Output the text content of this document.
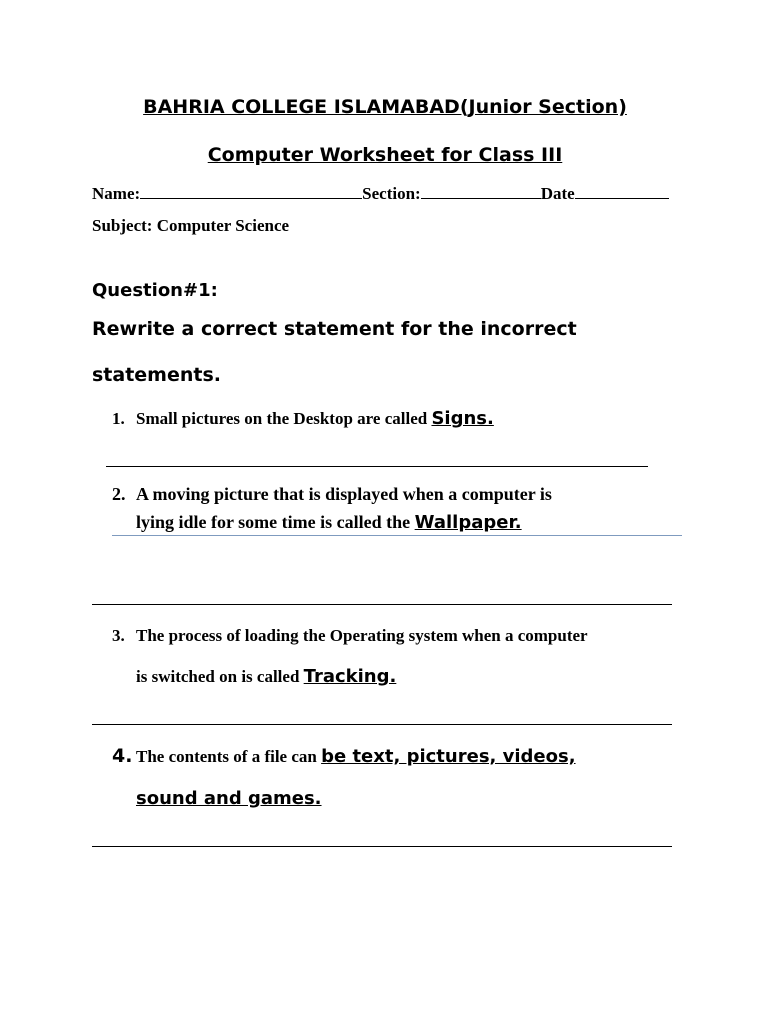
BAHRIA COLLEGE ISLAMABAD(Junior Section)
Computer Worksheet for Class III
Name:	Section:	Date
Subject: Computer Science
Question#1:
Rewrite a correct statement for the incorrect
statements.
1. Small pictures on the Desktop are called Signs.
2. A moving picture that is displayed when a computer is
lying idle for some time is called the Wallpaper.
3. The process of loading the Operating system when a computer
is switched on is called Tracking.
4. The contents of a file can be text, pictures, videos,
sound and games.
